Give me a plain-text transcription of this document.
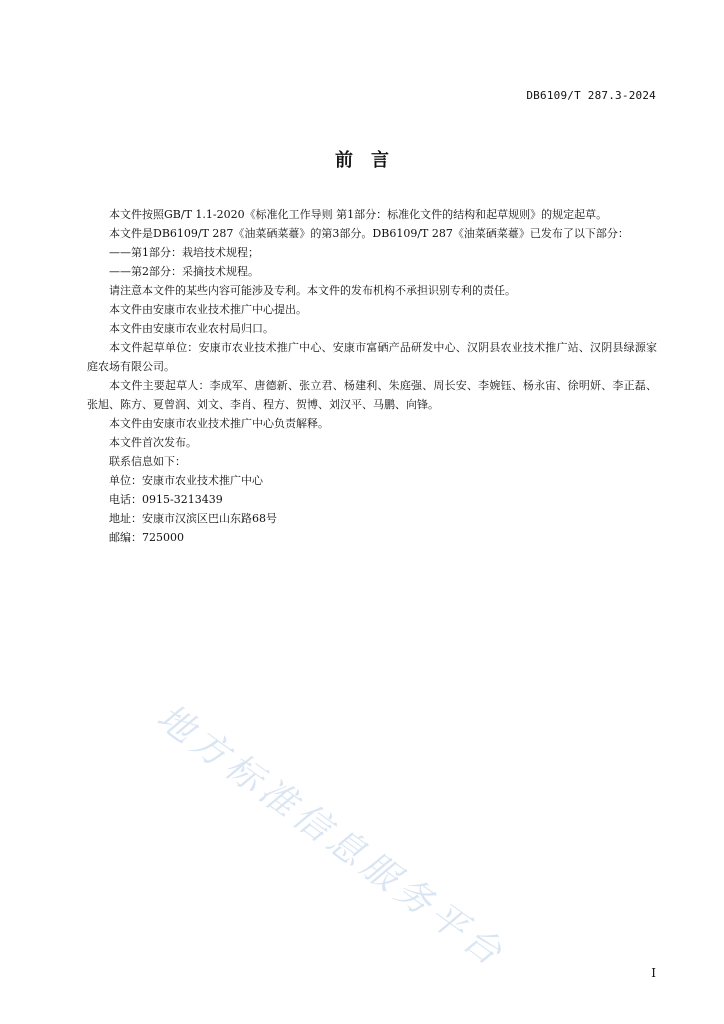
DB6109/T 287.3-2024
前　言

本文件按照GB/T 1.1-2020《标准化工作导则 第1部分：标准化文件的结构和起草规则》的规定起草。

本文件是DB6109/T 287《油菜硒菜薹》的第3部分。DB6109/T 287《油菜硒菜薹》已发布了以下部分：

——第1部分：栽培技术规程；

——第2部分：采摘技术规程。

请注意本文件的某些内容可能涉及专利。本文件的发布机构不承担识别专利的责任。

本文件由安康市农业技术推广中心提出。

本文件由安康市农业农村局归口。

本文件起草单位：安康市农业技术推广中心、安康市富硒产品研发中心、汉阴县农业技术推广站、汉阴县绿源家庭农场有限公司。

本文件主要起草人：李成军、唐德新、张立君、杨建利、朱庭强、周长安、李婉钰、杨永宙、徐明妍、李正磊、张旭、陈方、夏曾润、刘文、李肖、程方、贺博、刘汉平、马鹏、向锋。

本文件由安康市农业技术推广中心负责解释。

本文件首次发布。

联系信息如下：

单位：安康市农业技术推广中心

电话：0915-3213439

地址：安康市汉滨区巴山东路68号

邮编：725000

地方标准信息服务平台	I
